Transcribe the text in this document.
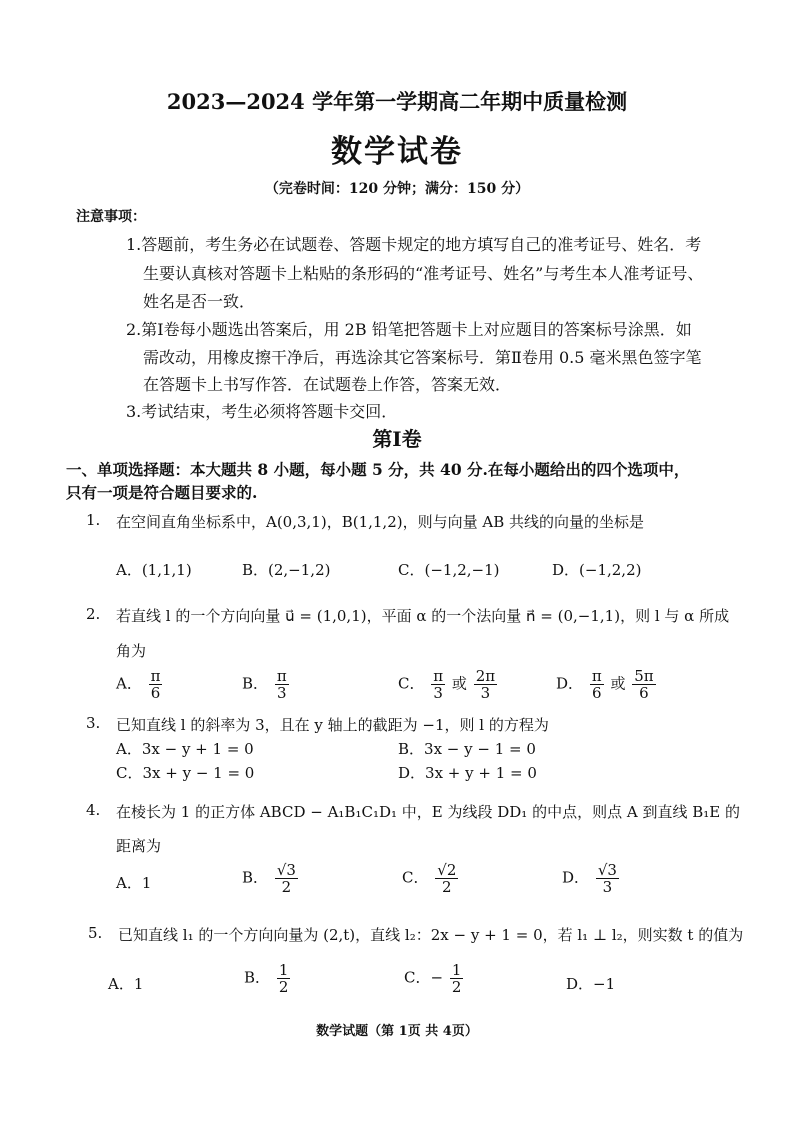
2023—2024 学年第一学期高二年期中质量检测
数学试卷
（完卷时间：120 分钟；满分：150 分）
注意事项：
1.答题前，考生务必在试题卷、答题卡规定的地方填写自己的准考证号、姓名．考
生要认真核对答题卡上粘贴的条形码的“准考证号、姓名”与考生本人准考证号、
姓名是否一致．
2.第Ⅰ卷每小题选出答案后，用 2B 铅笔把答题卡上对应题目的答案标号涂黑．如
需改动，用橡皮擦干净后，再选涂其它答案标号．第Ⅱ卷用 0.5 毫米黑色签字笔
在答题卡上书写作答．在试题卷上作答，答案无效．
3.考试结束，考生必须将答题卡交回．
第Ⅰ卷
一、单项选择题：本大题共 8 小题，每小题 5 分，共 40 分.在每小题给出的四个选项中，
只有一项是符合题目要求的.
1. 在空间直角坐标系中，A(0,3,1)，B(1,1,2)，则与向量 AB 共线的向量的坐标是
A．(1,1,1)	B．(2,−1,2)	C．(−1,2,−1)	D．(−1,2,2)
2. 若直线 l 的一个方向向量 u⃗ = (1,0,1)，平面 α 的一个法向量 n⃗ = (0,−1,1)，则 l 与 α 所成
角为
A． $\frac{\pi}{6}$	B． $\frac{\pi}{3}$	C． $\frac{\pi}{3}$ 或 $\frac{2\pi}{3}$	D． $\frac{\pi}{6}$ 或 $\frac{5\pi}{6}$
3. 已知直线 l 的斜率为 3，且在 y 轴上的截距为 −1，则 l 的方程为
A．3x − y + 1 = 0	B．3x − y − 1 = 0
C．3x + y − 1 = 0	D．3x + y + 1 = 0
4. 在棱长为 1 的正方体 ABCD − A₁B₁C₁D₁ 中，E 为线段 DD₁ 的中点，则点 A 到直线 B₁E 的
距离为
A．1	B． $\frac{√3}{2}$	C． $\frac{√2}{2}$	D． $\frac{√3}{3}$
5. 已知直线 l₁ 的一个方向向量为 (2,t)，直线 l₂：2x − y + 1 = 0，若 l₁ ⊥ l₂，则实数 t 的值为
A．1	B． $\frac{1}{2}$	C．− $\frac{1}{2}$	D．−1
数学试题（第 1页 共 4页）
